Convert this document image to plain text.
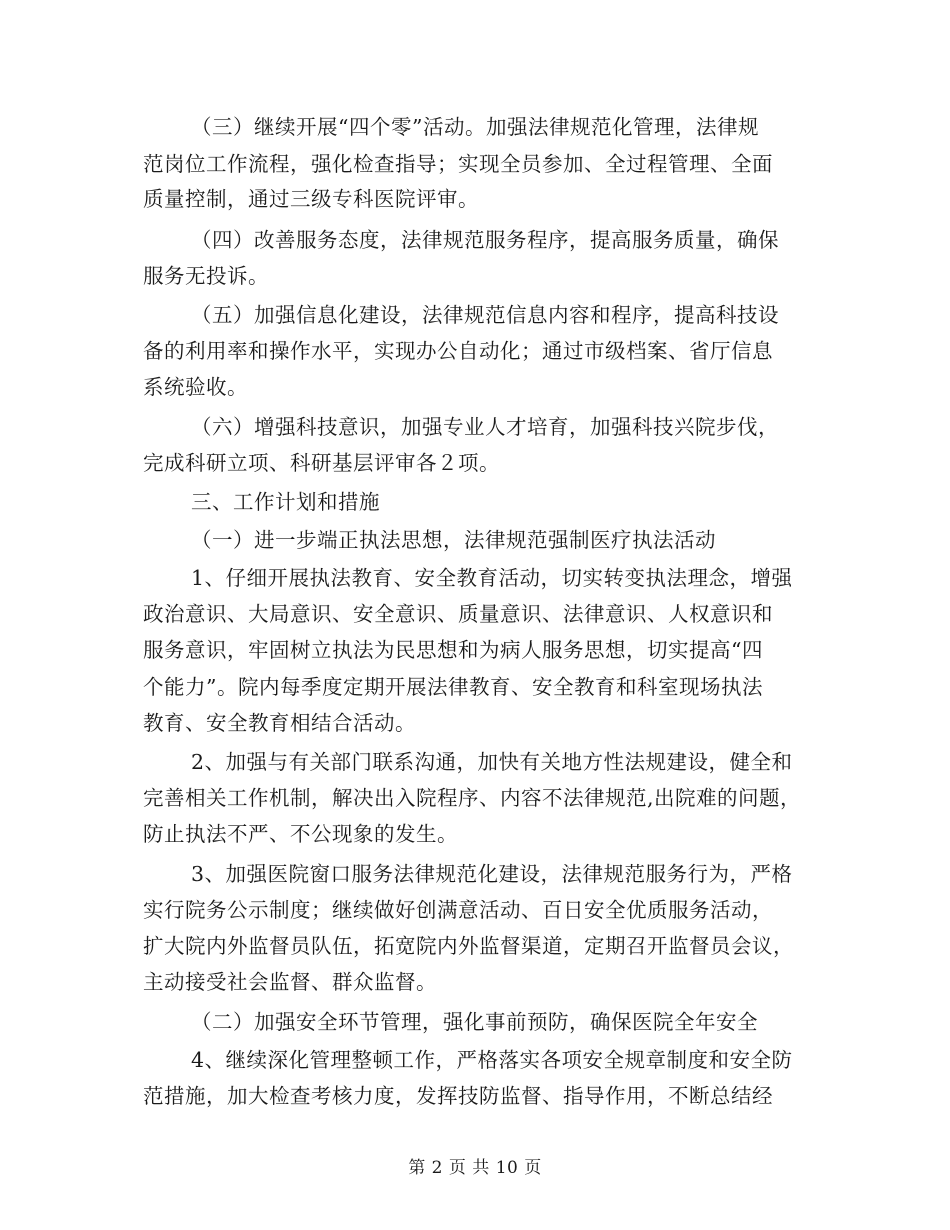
（三）继续开展“四个零”活动。加强法律规范化管理，法律规
范岗位工作流程，强化检查指导；实现全员参加、全过程管理、全面
质量控制，通过三级专科医院评审。
（四）改善服务态度，法律规范服务程序，提高服务质量，确保
服务无投诉。
（五）加强信息化建设，法律规范信息内容和程序，提高科技设
备的利用率和操作水平，实现办公自动化；通过市级档案、省厅信息
系统验收。
（六）增强科技意识，加强专业人才培育，加强科技兴院步伐，
完成科研立项、科研基层评审各２项。
三、工作计划和措施
（一）进一步端正执法思想，法律规范强制医疗执法活动
1、仔细开展执法教育、安全教育活动，切实转变执法理念，增强
政治意识、大局意识、安全意识、质量意识、法律意识、人权意识和
服务意识，牢固树立执法为民思想和为病人服务思想，切实提高“四
个能力”。院内每季度定期开展法律教育、安全教育和科室现场执法
教育、安全教育相结合活动。
2、加强与有关部门联系沟通，加快有关地方性法规建设，健全和
完善相关工作机制，解决出入院程序、内容不法律规范,出院难的问题，
防止执法不严、不公现象的发生。
3、加强医院窗口服务法律规范化建设，法律规范服务行为，严格
实行院务公示制度；继续做好创满意活动、百日安全优质服务活动，
扩大院内外监督员队伍，拓宽院内外监督渠道，定期召开监督员会议，
主动接受社会监督、群众监督。
（二）加强安全环节管理，强化事前预防，确保医院全年安全
4、继续深化管理整顿工作，严格落实各项安全规章制度和安全防
范措施，加大检查考核力度，发挥技防监督、指导作用，不断总结经
第 2 页 共 10 页
